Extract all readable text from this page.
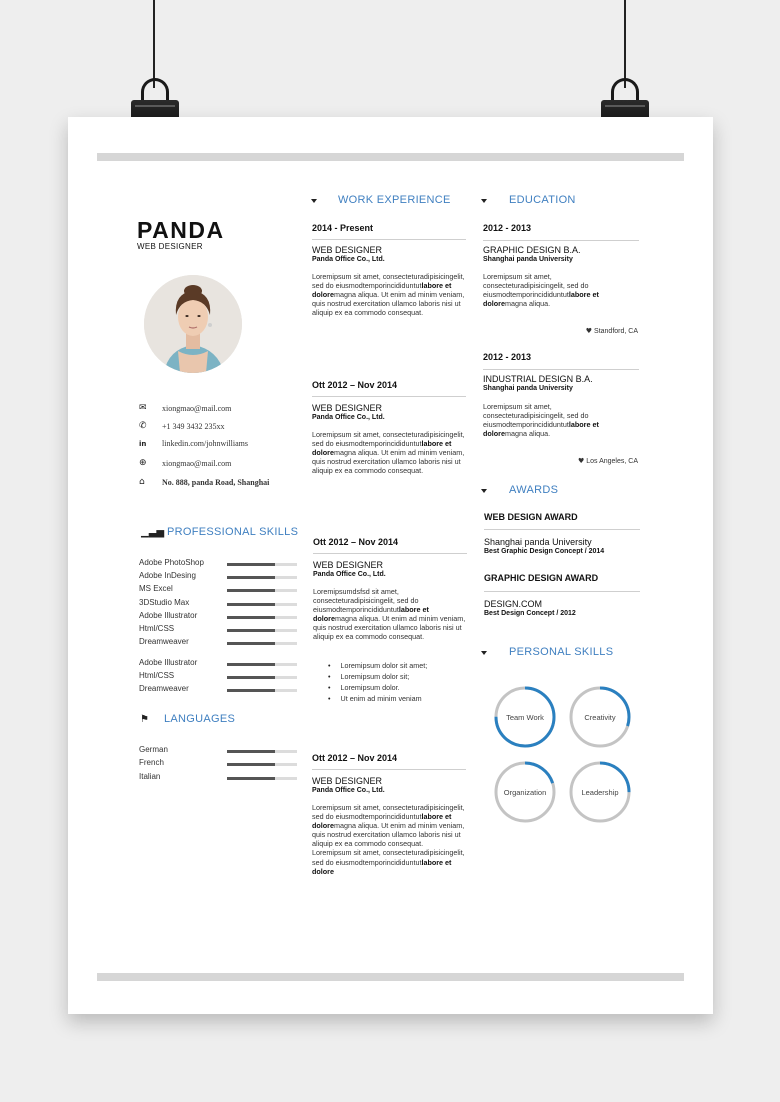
PANDA
WEB DESIGNER
✉	xiongmao@mail.com
✆	+1 349 3432 235xx
in	linkedin.com/johnwilliams
⊕	xiongmao@mail.com
⌂	No. 888, panda Road, Shanghai
▁▃▅ PROFESSIONAL SKILLS
Adobe PhotoShop
Adobe InDesing
MS Excel
3DStudio Max
Adobe Illustrator
Html/CSS
Dreamweaver
Adobe Illustrator
Html/CSS
Dreamweaver
⚑ LANGUAGES
German
French
Italian
WORK EXPERIENCE
2014 - Present
WEB DESIGNER
Panda Office Co., Ltd.
Loremipsum sit amet, consecteturadipisicingelit, sed do eiusmodtemporincididuntutlabore et doloremagna aliqua. Ut enim ad minim veniam, quis nostrud exercitation ullamco laboris nisi ut aliquip ex ea commodo consequat.
Ott 2012 – Nov 2014
WEB DESIGNER
Panda Office Co., Ltd.
Loremipsum sit amet, consecteturadipisicingelit, sed do eiusmodtemporincididuntutlabore et doloremagna aliqua. Ut enim ad minim veniam, quis nostrud exercitation ullamco laboris nisi ut aliquip ex ea commodo consequat.
Ott 2012 – Nov 2014
WEB DESIGNER
Panda Office Co., Ltd.
Loremipsumdsfsd sit amet, consecteturadipisicingelit, sed do eiusmodtemporincididuntutlabore et doloremagna aliqua. Ut enim ad minim veniam, quis nostrud exercitation ullamco laboris nisi ut aliquip ex ea commodo consequat.
• Loremipsum dolor sit amet;
• Loremipsum dolor sit;
• Loremipsum dolor.
• Ut enim ad minim veniam
Ott 2012 – Nov 2014
WEB DESIGNER
Panda Office Co., Ltd.
Loremipsum sit amet, consecteturadipisicingelit, sed do eiusmodtemporincididuntutlabore et doloremagna aliqua. Ut enim ad minim veniam, quis nostrud exercitation ullamco laboris nisi ut aliquip ex ea commodo consequat.
Loremipsum sit amet, consecteturadipisicingelit, sed do eiusmodtemporincididuntutlabore et dolore
EDUCATION
2012 - 2013
GRAPHIC DESIGN B.A.
Shanghai panda University
Loremipsum sit amet, consecteturadipisicingelit, sed do eiusmodtemporincididuntutlabore et doloremagna aliqua.
♥ Standford, CA
2012 - 2013
INDUSTRIAL DESIGN B.A.
Shanghai panda University
Loremipsum sit amet, consecteturadipisicingelit, sed do eiusmodtemporincididuntutlabore et doloremagna aliqua.
♥ Los Angeles, CA
AWARDS
WEB DESIGN AWARD
Shanghai panda University
Best Graphic Design Concept / 2014
GRAPHIC DESIGN AWARD
DESIGN.COM
Best Design Concept / 2012
PERSONAL SKILLS
Team Work	Creativity
Organization	Leadership
